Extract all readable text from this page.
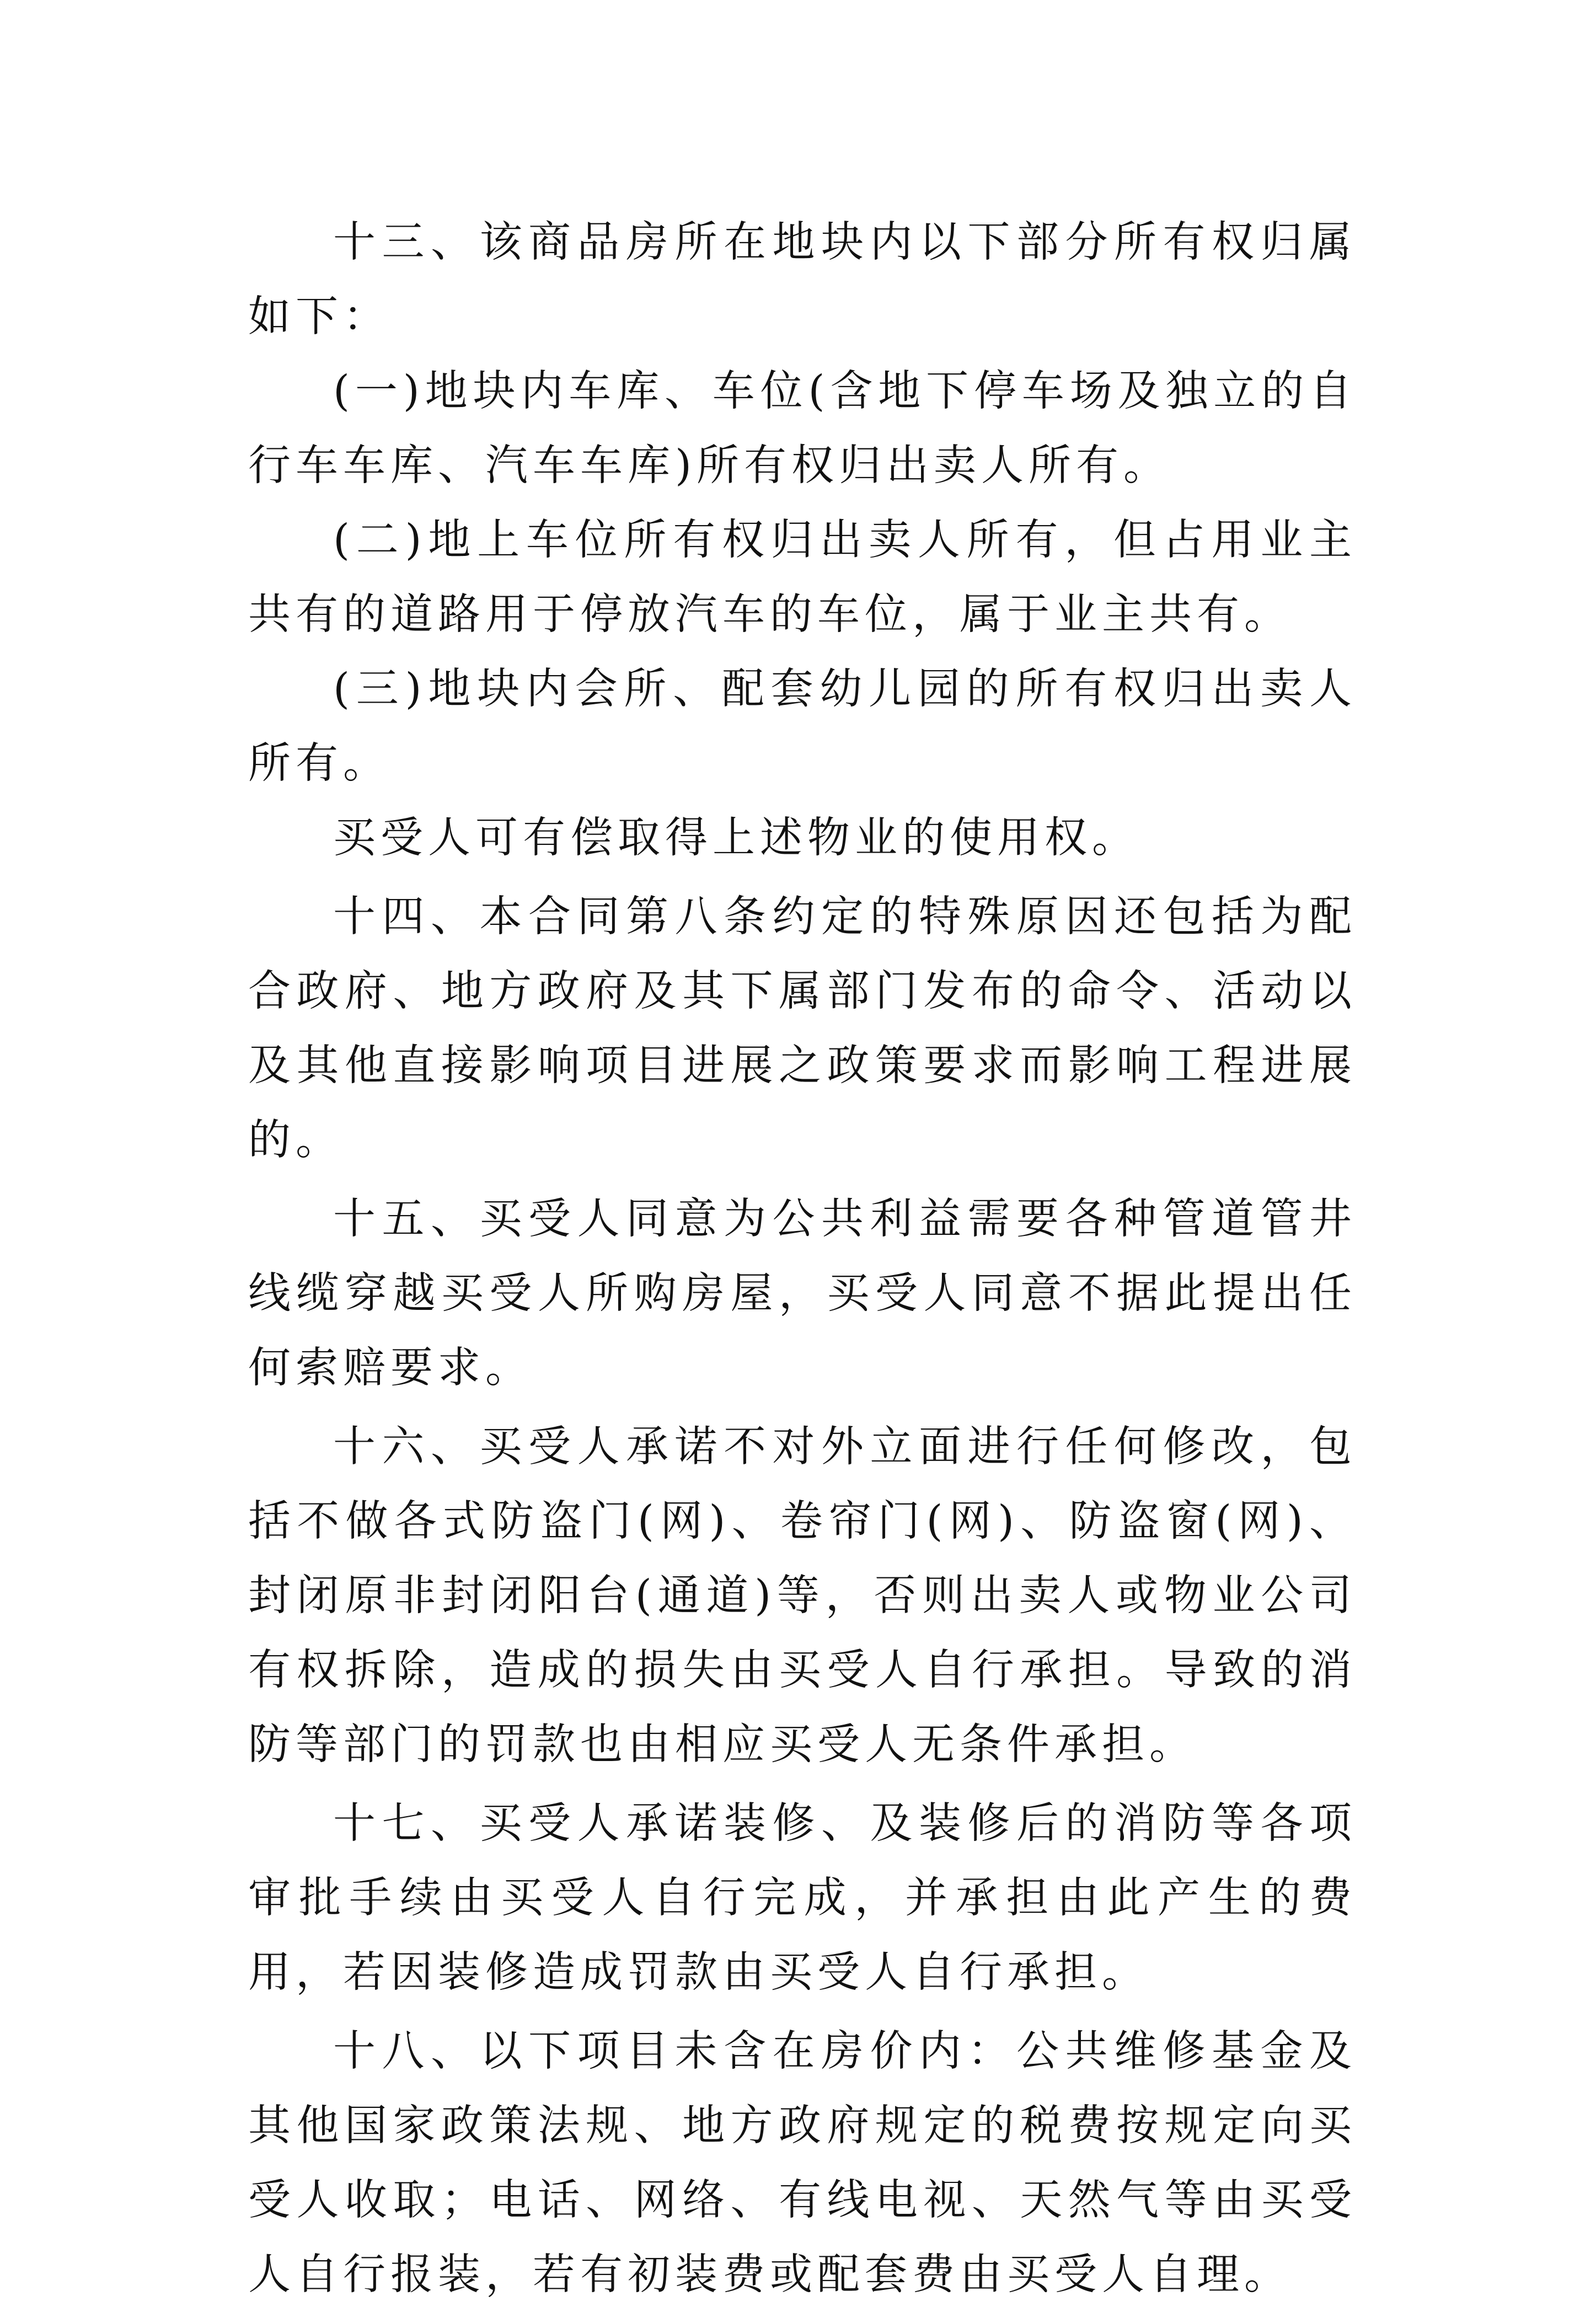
十三、该商品房所在地块内以下部分所有权归属如下：

(一)地块内车库、车位(含地下停车场及独立的自行车车库、汽车车库)所有权归出卖人所有。

(二)地上车位所有权归出卖人所有，但占用业主共有的道路用于停放汽车的车位，属于业主共有。

(三)地块内会所、配套幼儿园的所有权归出卖人所有。

买受人可有偿取得上述物业的使用权。

十四、本合同第八条约定的特殊原因还包括为配合政府、地方政府及其下属部门发布的命令、活动以及其他直接影响项目进展之政策要求而影响工程进展的。

十五、买受人同意为公共利益需要各种管道管井线缆穿越买受人所购房屋，买受人同意不据此提出任何索赔要求。

十六、买受人承诺不对外立面进行任何修改，包括不做各式防盗门(网)、卷帘门(网)、防盗窗(网)、封闭原非封闭阳台(通道)等，否则出卖人或物业公司有权拆除，造成的损失由买受人自行承担。导致的消防等部门的罚款也由相应买受人无条件承担。

十七、买受人承诺装修、及装修后的消防等各项审批手续由买受人自行完成，并承担由此产生的费用，若因装修造成罚款由买受人自行承担。

十八、以下项目未含在房价内：公共维修基金及其他国家政策法规、地方政府规定的税费按规定向买受人收取；电话、网络、有线电视、天然气等由买受人自行报装，若有初装费或配套费由买受人自理。
